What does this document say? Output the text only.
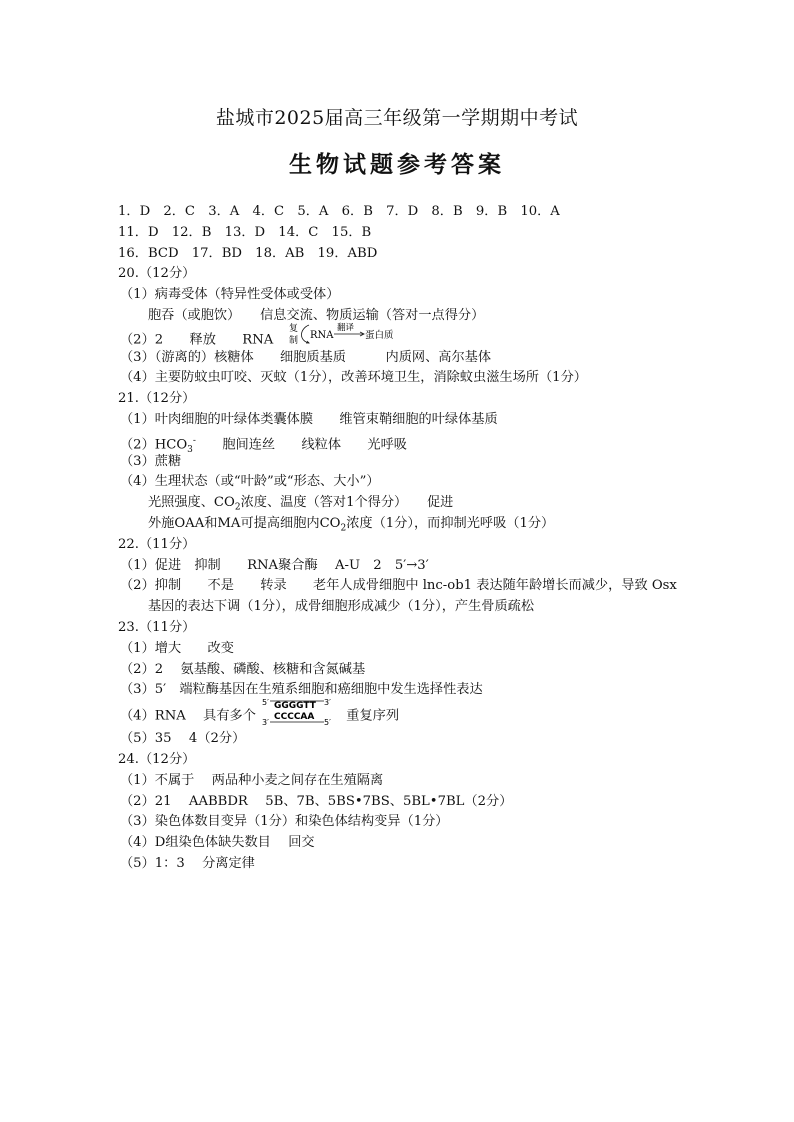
盐城市2025届高三年级第一学期期中考试
生物试题参考答案
1．D　2．C　3．A　4．C　5．A　6．B　7．D　8．B　9．B　10．A
11．D　12．B　13．D　14．C　15．B
16．BCD　17．BD　18．AB　19．ABD
20.（12分）
（1）病毒受体（特异性受体或受体）
胞吞（或胞饮）　　信息交流、物质运输（答对一点得分）
（2）2　　释放　　RNA
复
制 RNA
翻译
蛋白质
（3）（游离的）核糖体　　细胞质基质　　　内质网、高尔基体
（4）主要防蚊虫叮咬、灭蚊（1分），改善环境卫生，消除蚊虫滋生场所（1分）
21.（12分）
（1）叶肉细胞的叶绿体类囊体膜　　维管束鞘细胞的叶绿体基质
$(2)HCO_3^-$　　胞间连丝　　线粒体　　光呼吸
（3）蔗糖
（4）生理状态（或“叶龄”或“形态、大小”）
光照强度、$CO_2$浓度、温度（答对1个得分）　　促进
外施OAA和MA可提高细胞内$CO_2$浓度（1分），而抑制光呼吸（1分）
22.（11分）
（1）促进　抑制　　RNA聚合酶　 A-U　2　5′→3′
（2）抑制　　不是　　转录　　老年人成骨细胞中 lnc-ob1 表达随年龄增长而减少，导致 Osx
基因的表达下调（1分），成骨细胞形成减少（1分），产生骨质疏松
23.（11分）
（1）增大　　改变
（2）2　 氨基酸、磷酸、核糖和含氮碱基
（3）5′　端粒酶基因在生殖系细胞和癌细胞中发生选择性表达
（4）RNA　 具有多个
5′ GGGGTT 3′
3′
CCCCAA
5′ 重复序列
（5）35　 4（2分）
24.（12分）
（1）不属于　 两品种小麦之间存在生殖隔离
（2）21　 AABBDR　 5B、7B、5BS•7BS、5BL•7BL（2分）
（3）染色体数目变异（1分）和染色体结构变异（1分）
（4）D组染色体缺失数目　 回交
（5）1：3　 分离定律
